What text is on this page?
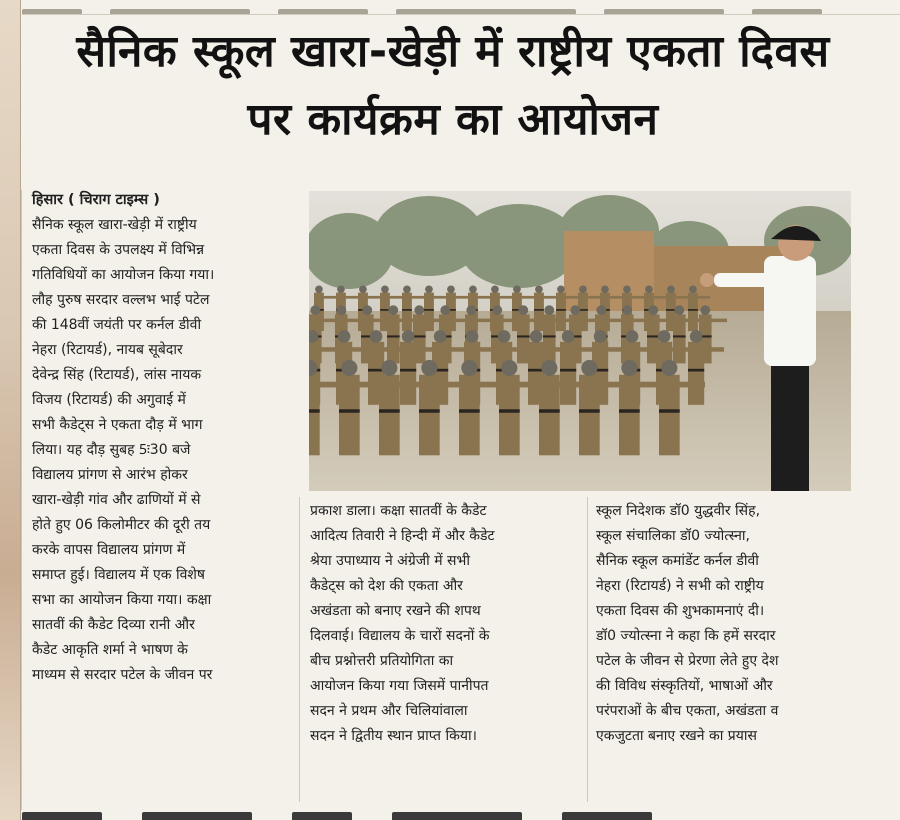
सैनिक स्कूल खारा-खेड़ी में राष्ट्रीय एकता दिवस
पर कार्यक्रम का आयोजन
हिसार ( चिराग टाइम्स )
सैनिक स्कूल खारा-खेड़ी में राष्ट्रीय
एकता दिवस के उपलक्ष्य में विभिन्न
गतिविधियों का आयोजन किया गया।
लौह पुरुष सरदार वल्लभ भाई पटेल
की 148वीं जयंती पर कर्नल डीवी
नेहरा (रिटायर्ड), नायब सूबेदार
देवेन्द्र सिंह (रिटायर्ड), लांस नायक
विजय (रिटायर्ड) की अगुवाई में
सभी कैडेट्स ने एकता दौड़ में भाग
लिया। यह दौड़ सुबह 5ः30 बजे
विद्यालय प्रांगण से आरंभ होकर
खारा-खेड़ी गांव और ढाणियों में से
होते हुए 06 किलोमीटर की दूरी तय
करके वापस विद्यालय प्रांगण में
समाप्त हुई। विद्यालय में एक विशेष
सभा का आयोजन किया गया। कक्षा
सातवीं की कैडेट दिव्या रानी और
कैडेट आकृति शर्मा ने भाषण के
माध्यम से सरदार पटेल के जीवन पर
प्रकाश डाला। कक्षा सातवीं के कैडेट
आदित्य तिवारी ने हिन्दी में और कैडेट
श्रेया उपाध्याय ने अंग्रेजी में सभी
कैडेट्स को देश की एकता और
अखंडता को बनाए रखने की शपथ
दिलवाई। विद्यालय के चारों सदनों के
बीच प्रश्नोत्तरी प्रतियोगिता का
आयोजन किया गया जिसमें पानीपत
सदन ने प्रथम और चिलियांवाला
सदन ने द्वितीय स्थान प्राप्त किया।
स्कूल निदेशक डॉ0 युद्धवीर सिंह,
स्कूल संचालिका डॉ0 ज्योत्स्ना,
सैनिक स्कूल कमांडेंट कर्नल डीवी
नेहरा (रिटायर्ड) ने सभी को राष्ट्रीय
एकता दिवस की शुभकामनाएं दी।
डॉ0 ज्योत्स्ना ने कहा कि हमें सरदार
पटेल के जीवन से प्रेरणा लेते हुए देश
की विविध संस्कृतियों, भाषाओं और
परंपराओं के बीच एकता, अखंडता व
एकजुटता बनाए रखने का प्रयास
